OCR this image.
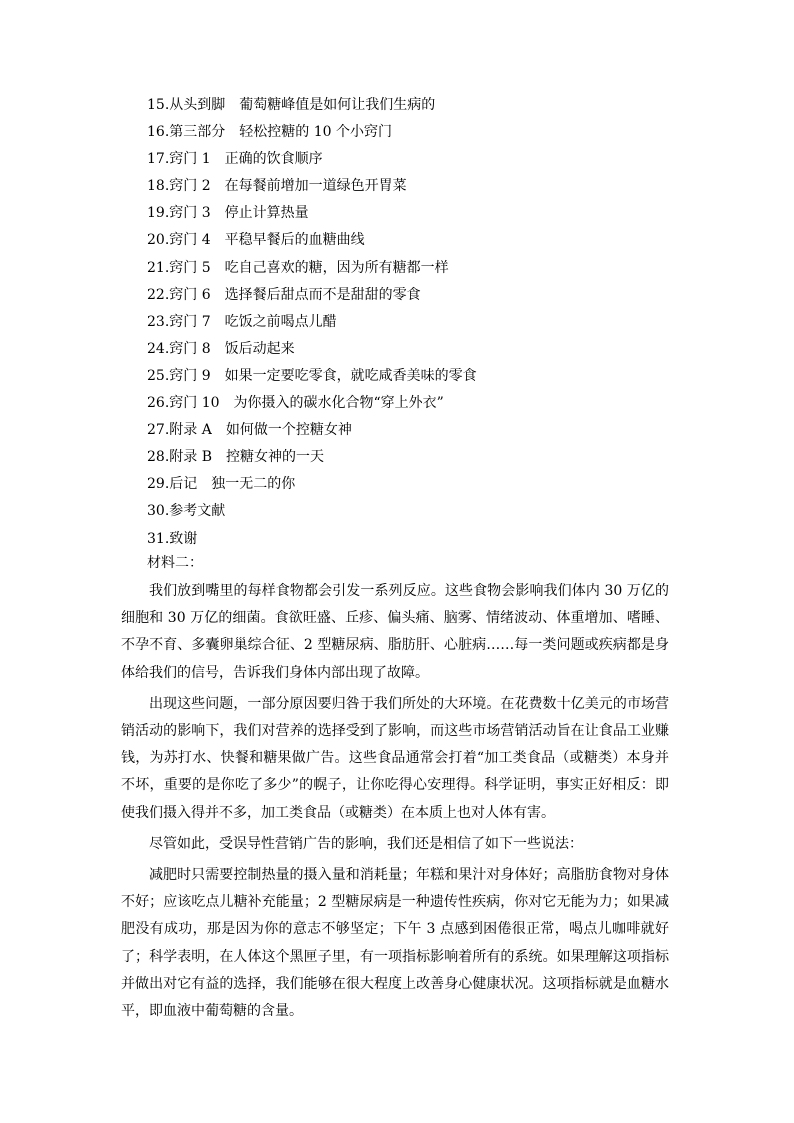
15.从头到脚　葡萄糖峰值是如何让我们生病的
16.第三部分　轻松控糖的 10 个小窍门
17.窍门 1　正确的饮食顺序
18.窍门 2　在每餐前增加一道绿色开胃菜
19.窍门 3　停止计算热量
20.窍门 4　平稳早餐后的血糖曲线
21.窍门 5　吃自己喜欢的糖，因为所有糖都一样
22.窍门 6　选择餐后甜点而不是甜甜的零食
23.窍门 7　吃饭之前喝点儿醋
24.窍门 8　饭后动起来
25.窍门 9　如果一定要吃零食，就吃咸香美味的零食
26.窍门 10　为你摄入的碳水化合物“穿上外衣”
27.附录 A　如何做一个控糖女神
28.附录 B　控糖女神的一天
29.后记　独一无二的你
30.参考文献
31.致谢
材料二：

我们放到嘴里的每样食物都会引发一系列反应。这些食物会影响我们体内 30 万亿的细胞和 30 万亿的细菌。食欲旺盛、丘疹、偏头痛、脑雾、情绪波动、体重增加、嗜睡、不孕不育、多囊卵巢综合征、2 型糖尿病、脂肪肝、心脏病……每一类问题或疾病都是身体给我们的信号，告诉我们身体内部出现了故障。

出现这些问题，一部分原因要归咎于我们所处的大环境。在花费数十亿美元的市场营销活动的影响下，我们对营养的选择受到了影响，而这些市场营销活动旨在让食品工业赚钱，为苏打水、快餐和糖果做广告。这些食品通常会打着“加工类食品（或糖类）本身并不坏，重要的是你吃了多少”的幌子，让你吃得心安理得。科学证明，事实正好相反：即使我们摄入得并不多，加工类食品（或糖类）在本质上也对人体有害。

尽管如此，受误导性营销广告的影响，我们还是相信了如下一些说法：

减肥时只需要控制热量的摄入量和消耗量；年糕和果汁对身体好；高脂肪食物对身体不好；应该吃点儿糖补充能量；2 型糖尿病是一种遗传性疾病，你对它无能为力；如果减肥没有成功，那是因为你的意志不够坚定；下午 3 点感到困倦很正常，喝点儿咖啡就好了；科学表明，在人体这个黑匣子里，有一项指标影响着所有的系统。如果理解这项指标并做出对它有益的选择，我们能够在很大程度上改善身心健康状况。这项指标就是血糖水平，即血液中葡萄糖的含量。
